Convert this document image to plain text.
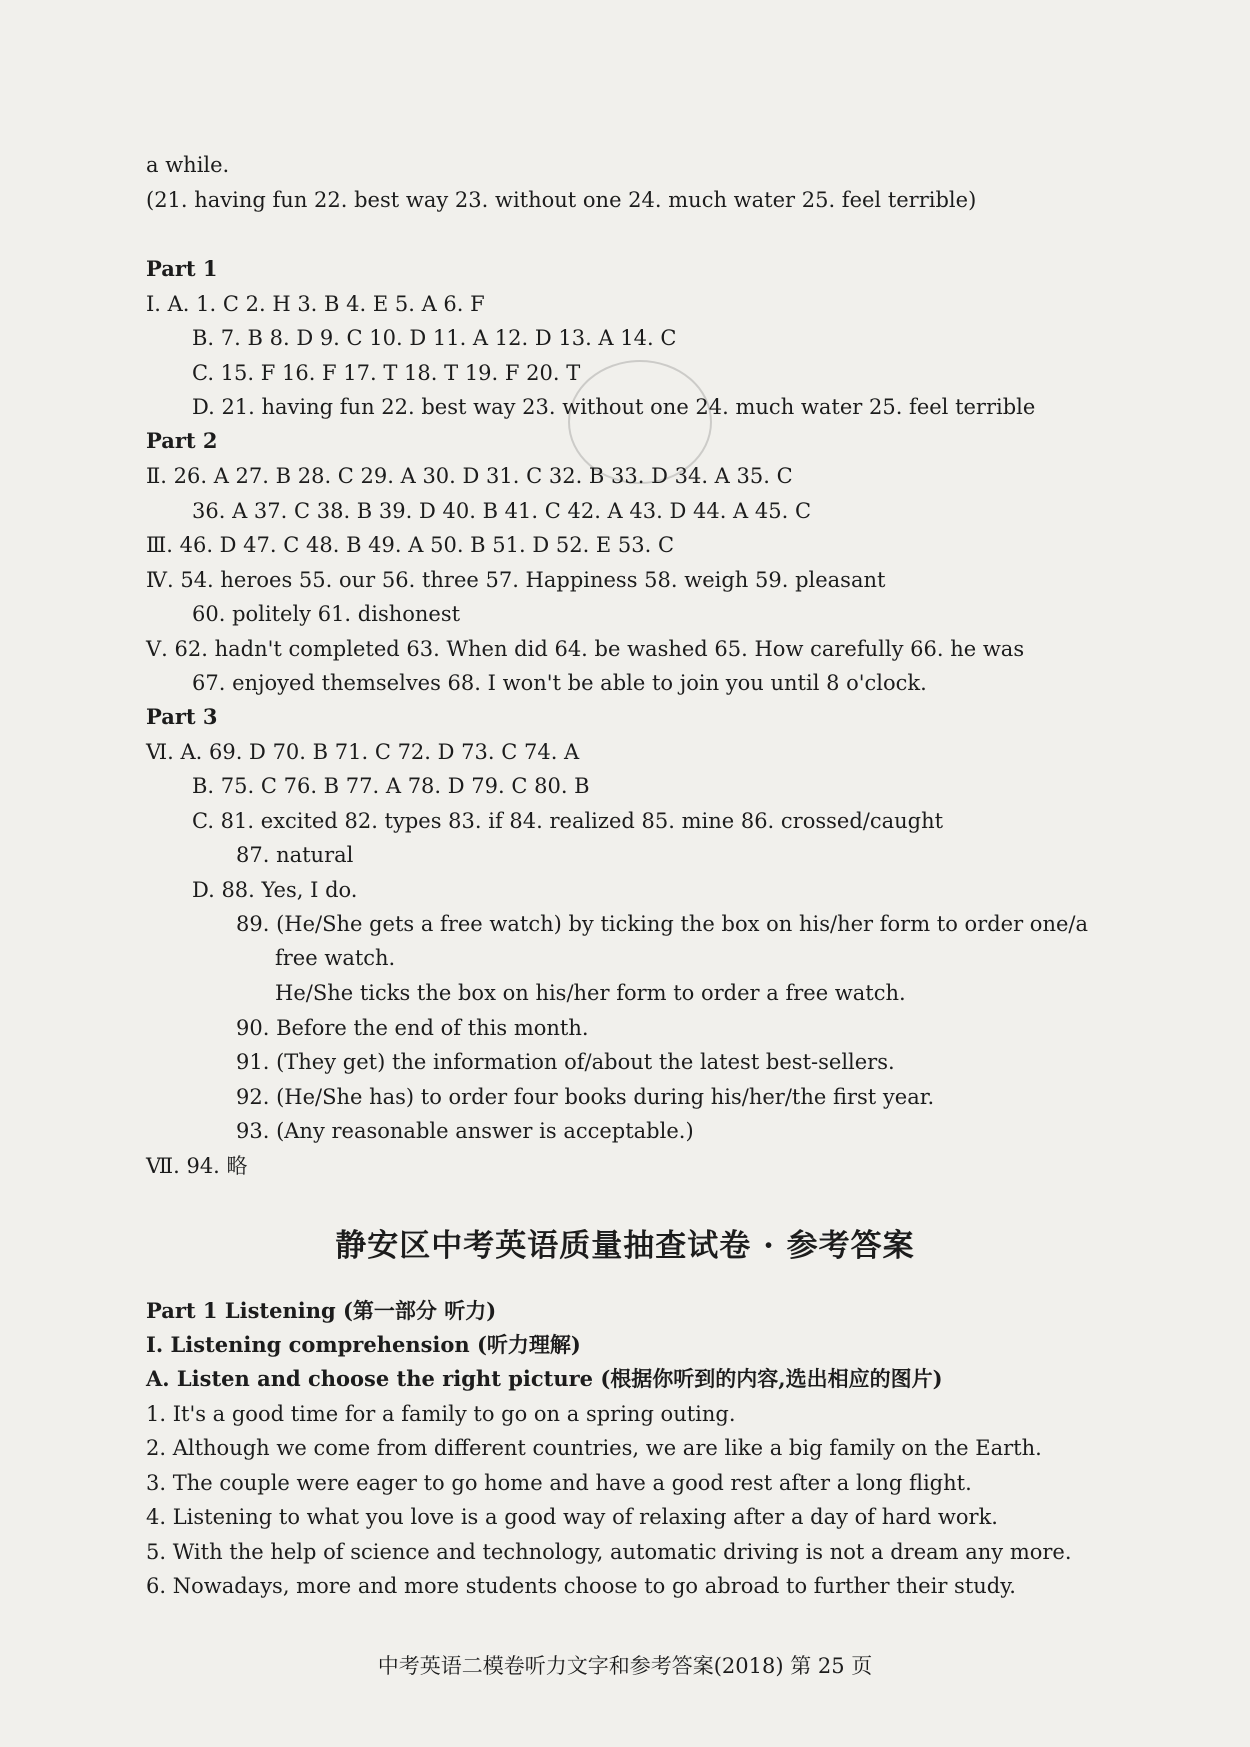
a while.
(21. having fun 22. best way 23. without one 24. much water 25. feel terrible)
Part 1
Ⅰ. A. 1. C 2. H 3. B 4. E 5. A 6. F
B. 7. B 8. D 9. C 10. D 11. A 12. D 13. A 14. C
C. 15. F 16. F 17. T 18. T 19. F 20. T
D. 21. having fun 22. best way 23. without one 24. much water 25. feel terrible
Part 2
Ⅱ. 26. A 27. B 28. C 29. A 30. D 31. C 32. B 33. D 34. A 35. C
36. A 37. C 38. B 39. D 40. B 41. C 42. A 43. D 44. A 45. C
Ⅲ. 46. D 47. C 48. B 49. A 50. B 51. D 52. E 53. C
Ⅳ. 54. heroes 55. our 56. three 57. Happiness 58. weigh 59. pleasant
60. politely 61. dishonest
Ⅴ. 62. hadn't completed 63. When did 64. be washed 65. How carefully 66. he was
67. enjoyed themselves 68. I won't be able to join you until 8 o'clock.
Part 3
Ⅵ. A. 69. D 70. B 71. C 72. D 73. C 74. A
B. 75. C 76. B 77. A 78. D 79. C 80. B
C. 81. excited 82. types 83. if 84. realized 85. mine 86. crossed/caught
87. natural
D. 88. Yes, I do.
89. (He/She gets a free watch) by ticking the box on his/her form to order one/a
free watch.
He/She ticks the box on his/her form to order a free watch.
90. Before the end of this month.
91. (They get) the information of/about the latest best-sellers.
92. (He/She has) to order four books during his/her/the first year.
93. (Any reasonable answer is acceptable.)
Ⅶ. 94. 略
静安区中考英语质量抽查试卷 · 参考答案
Part 1 Listening (第一部分 听力)
Ⅰ. Listening comprehension (听力理解)
A. Listen and choose the right picture (根据你听到的内容,选出相应的图片)
1. It's a good time for a family to go on a spring outing.
2. Although we come from different countries, we are like a big family on the Earth.
3. The couple were eager to go home and have a good rest after a long flight.
4. Listening to what you love is a good way of relaxing after a day of hard work.
5. With the help of science and technology, automatic driving is not a dream any more.
6. Nowadays, more and more students choose to go abroad to further their study.
中考英语二模卷听力文字和参考答案(2018) 第 25 页
